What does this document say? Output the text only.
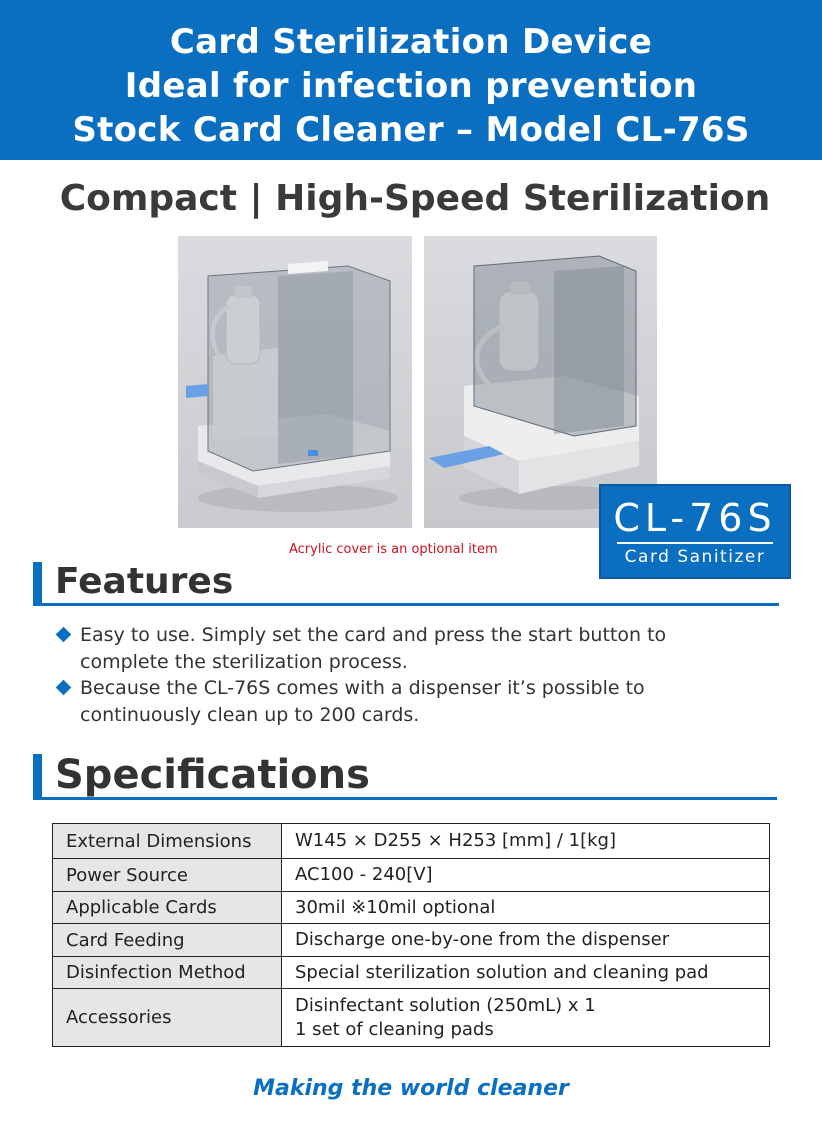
Card Sterilization Device
Ideal for infection prevention
Stock Card Cleaner – Model CL-76S
Compact | High-Speed Sterilization
Acrylic cover is an optional item
CL-76S
Card Sanitizer
Features
Easy to use. Simply set the card and press the start button to
complete the sterilization process.
Because the CL-76S comes with a dispenser it’s possible to
continuously clean up to 200 cards.
Specifications
External Dimensions	W145 × D255 × H253 [mm] / 1[kg]
Power Source	AC100 - 240[V]
Applicable Cards	30mil ※10mil optional
Card Feeding	Discharge one-by-one from the dispenser
Disinfection Method	Special sterilization solution and cleaning pad
Accessories	Disinfectant solution (250mL) x 1
1 set of cleaning pads
Making the world cleaner
